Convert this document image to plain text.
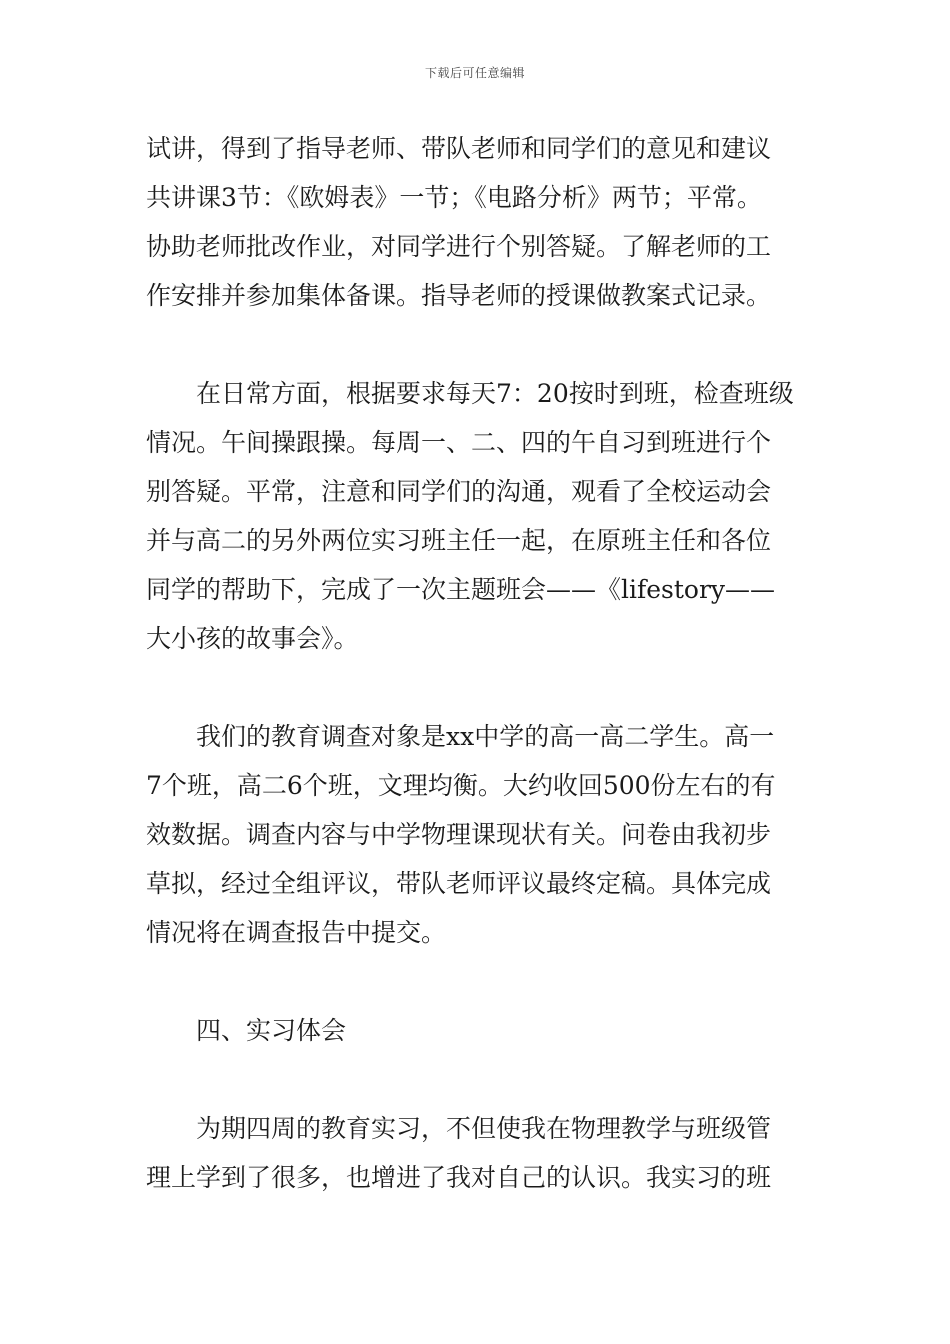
下载后可任意编辑

试讲，得到了指导老师、带队老师和同学们的意见和建议
共讲课3节：《欧姆表》一节；《电路分析》两节；平常。
协助老师批改作业，对同学进行个别答疑。了解老师的工
作安排并参加集体备课。指导老师的授课做教案式记录。

　　在日常方面，根据要求每天7：20按时到班，检查班级
情况。午间操跟操。每周一、二、四的午自习到班进行个
别答疑。平常，注意和同学们的沟通，观看了全校运动会
并与高二的另外两位实习班主任一起，在原班主任和各位
同学的帮助下，完成了一次主题班会——《lifestory——
大小孩的故事会》。

　　我们的教育调查对象是xx中学的高一高二学生。高一
7个班，高二6个班，文理均衡。大约收回500份左右的有
效数据。调查内容与中学物理课现状有关。问卷由我初步
草拟，经过全组评议，带队老师评议最终定稿。具体完成
情况将在调查报告中提交。

　　四、实习体会

　　为期四周的教育实习，不但使我在物理教学与班级管
理上学到了很多，也增进了我对自己的认识。我实习的班
